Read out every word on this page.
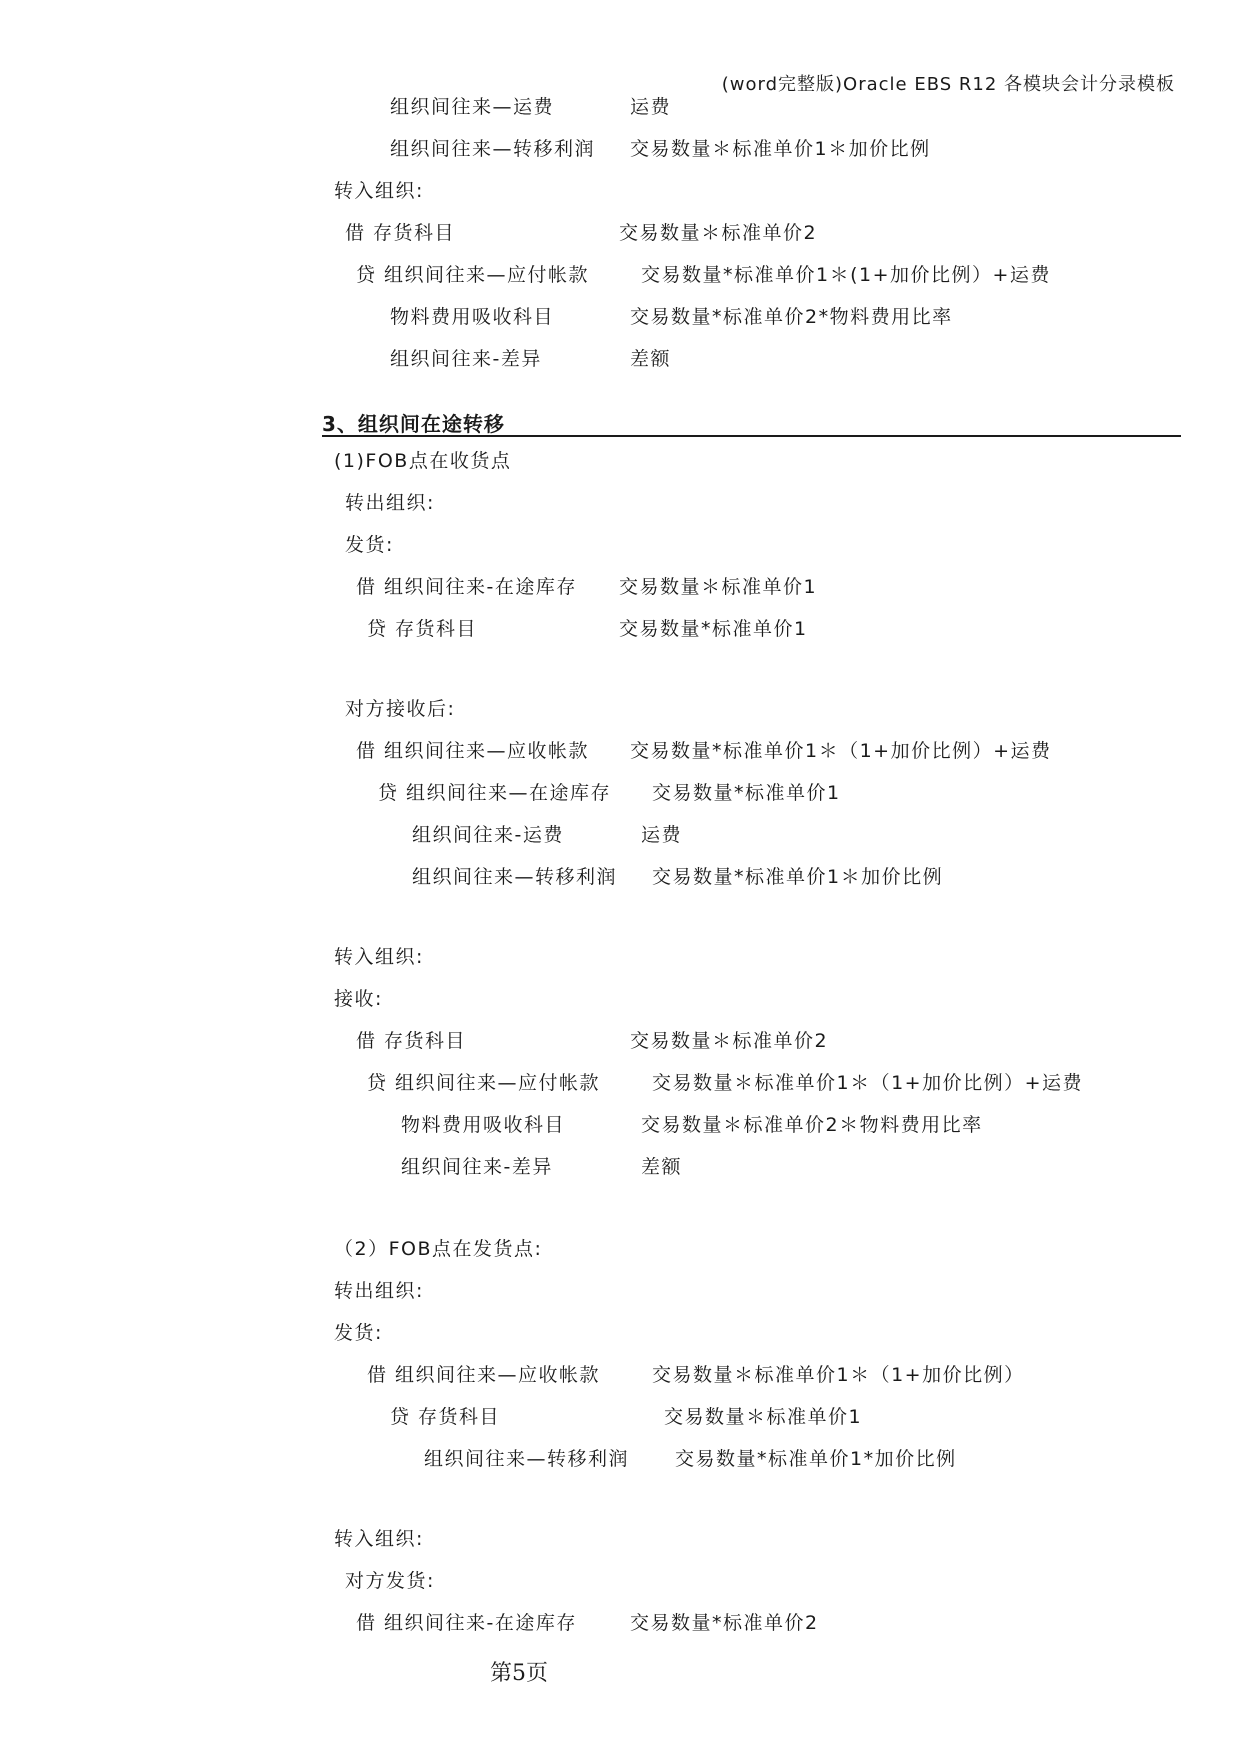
(word完整版)Oracle EBS R12 各模块会计分录模板
组织间往来—运费	运费
组织间往来—转移利润 交易数量＊标准单价1＊加价比例
转入组织:
借 存货科目	交易数量＊标准单价2
贷 组织间往来—应付帐款	交易数量*标准单价1＊(1+加价比例）+运费
物料费用吸收科目	交易数量*标准单价2*物料费用比率
组织间往来-差异	差额
3、组织间在途转移
(1)FOB点在收货点
转出组织:
发货:
借 组织间往来-在途库存 交易数量＊标准单价1
贷 存货科目	交易数量*标准单价1
对方接收后:
借 组织间往来—应收帐款 交易数量*标准单价1＊（1+加价比例）+运费
贷 组织间往来—在途库存 交易数量*标准单价1
组织间往来-运费	运费
组织间往来—转移利润 交易数量*标准单价1＊加价比例
转入组织:
接收:
借 存货科目	交易数量＊标准单价2
贷 组织间往来—应付帐款	交易数量＊标准单价1＊（1+加价比例）+运费
物料费用吸收科目	交易数量＊标准单价2＊物料费用比率
组织间往来-差异	差额
（2）FOB点在发货点:
转出组织:
发货:
借 组织间往来—应收帐款	交易数量＊标准单价1＊（1+加价比例）
贷 存货科目	交易数量＊标准单价1
组织间往来—转移利润 交易数量*标准单价1*加价比例
转入组织:
对方发货:
借 组织间往来-在途库存	交易数量*标准单价2
第5页
